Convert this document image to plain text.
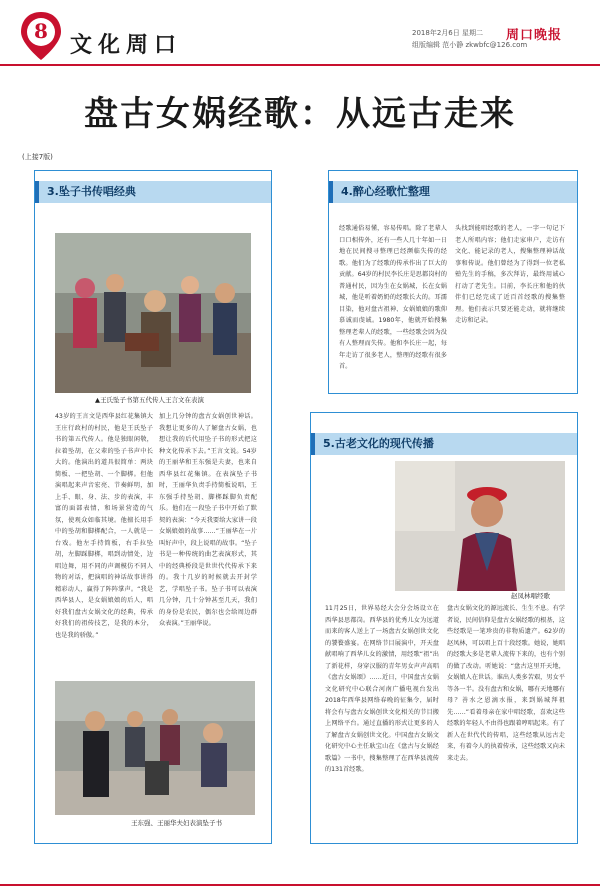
8
文化周口	2018年2月6日 星期二
组版编辑 范小静 zkwbfc@126.com
周口晚报
盘古女娲经歌：从远古走来
(上接7版)
3.坠子书传唱经典
▲王氏坠子书第五代传人王言文在表演
43岁的王言文是西华县红花集镇大王庄行政村的村民，他是王氏坠子书的第五代传人。他是独眼闲敬，拉着坠胡，在父辈的坠子书声中长大的。他演出的道具很简单：两块简板、一把坠胡、一个脚梆。但他演唱起来声音宏亮、节奏鲜明，加上手、眼、身、法、步的表演，丰富的面部表情，和场景营造的气氛，使观众如临其境。他擅长用手中的坠胡和脚梆配合，一人就是一台戏。他左手持简板，右手拉坠胡，左脚踩脚梆，唱到动情处，边唱边舞，用不同的声调模仿不同人物的对话，把演唱的神话故事讲得精彩动人，赢得了阵阵掌声。“我是西华县人，是女娲娘娘的后人，唱好我们盘古女娲文化的经典，传承好我们的祖传技艺，是我的本分，也是我的骄傲。”
加上几分钟的盘古女娲创世神话。我想让更多的人了解盘古女娲，也想让我的后代用坠子书的形式把这种文化传承下去。”王言文说。54岁的王丽华和王东强是夫妻，也来自西华县红花集镇。在表演坠子书时，王丽华负责手持简板说唱，王东强手持坠胡、脚梆踩脚负责配乐。他们在一段坠子书中开始了默契的表演：“今天我要给大家讲一段女娲娘娘的故事……”王丽华在一片叫好声中，段上说唱的故事。“坠子书是一种传统的曲艺表演形式，其中的经典桥段是世世代代传承下来的。我十几岁的时候就去开封学艺，学唱坠子书。坠子书可以表演几分钟，几十分钟甚至几天，我们的身份是农民，偶尔也会给周边群众表演。”王丽华说。
王东强、王丽华夫妇表演坠子书
4.醉心经歌忙整理
经歌通俗易懂，容易传唱。除了老辈人口口相传外，还有一些人几十年如一日地在民间搜寻整理已经濒临失传的经歌。他们为了经歌的传承作出了巨大的贡献。64岁的村民李长庄是思都岗村的普通村民，因为生在女娲城，长在女娲城，他是听着奶奶的经歌长大的。耳濡目染，他对盘古祖神、女娲娘娘的歌仰慕诚而虔诚。1980年，他就开始搜集整理老辈人的经歌，一些经歌会因为没有人整理而失传。他和李长庄一起，每年走访了很多老人，整理的经歌有很多首。
头找到能唱经歌的老人，一字一句记下老人所唱内容；他们走家串户，走访有文化、能记录的老人，搜集整理神话故事和传说。他们曾经为了得到一位老私塾先生的手稿，多次拜访，最终用诚心打动了老先生。目前，李长庄和他的伙伴们已经完成了近百首经歌的搜集整理。他们表示只要还能走动，就将继续走访和记录。
5.古老文化的现代传播
赵凤林唱经歌
11月25日，世界易经大会分会场设立在西华县思都岗。西华县的优秀儿女为远道而来的客人送上了一场盘古女娲创世文化的饕餮盛宴。在网络节目展演中，开天盘献唱响了西华儿女的激情，用经歌“祖”出了新花样，身穿汉服的青年男女声声高唱《盘古女娲颂》……近日，中国盘古女娲文化研究中心联合河南广播电视台发出2018年西华县网络春晚的征集令，届时将会有与盘古女娲创世文化相关的节目搬上网络平台。通过直播的形式让更多的人了解盘古女娲创世文化。中国盘古女娲文化研究中心主任耿宝山在《盘古与女娲经歌篇》一书中，搜集整理了在西华县流传的131首经歌。
盘古女娲文化的源远流长、生生不息。有学者说，民间信仰是盘古女娲经歌的根基，这些经歌是一笔珍贵的非物质遗产。62岁的赵凤林，可以唱上百十段经歌。她说，她唱的经歌大多是老辈人流传下来的，也有个别的做了改动。听她说：“盘古这里开天地，女娲娘人在世话。谁出人类多苦艰，男女平等各一半。没有盘古和女娲，哪有天地哪有母？善水之恩滴水报，来到娲城拜祖先……”看着母亲在家中唱经歌，喜欢这些经歌的年轻人不由得也跟着哼唱起来。有了新人在世代代的传唱，这些经歌从远古走来，有着今人的执着传承，这些经歌又向未来走去。
